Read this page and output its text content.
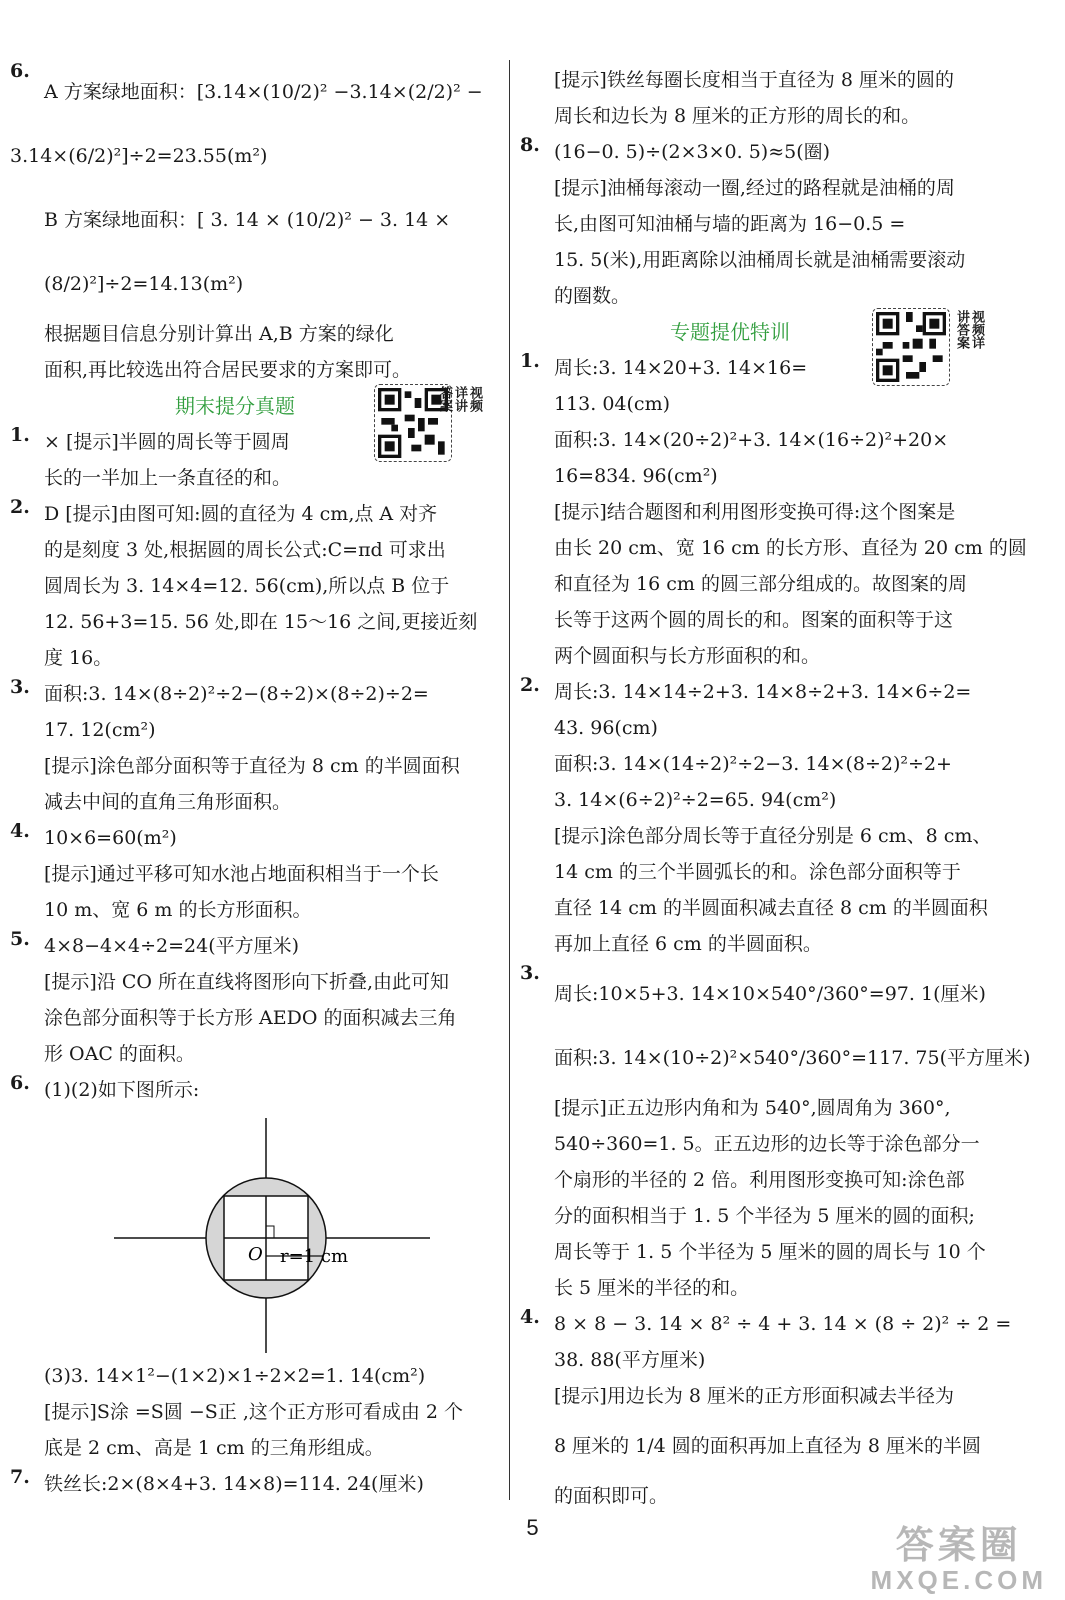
6.
A 方案绿地面积：[3.14×(10/2)² −3.14×(2/2)² −
3.14×(6/2)²]÷2=23.55(m²)
B 方案绿地面积：[ 3. 14 × (10/2)² − 3. 14 ×
(8/2)²]÷2=14.13(m²)
根据题目信息分别计算出 A,B 方案的绿化
面积,再比较选出符合居民要求的方案即可。
期末提分真题	视频详讲答案
1. × [提示]半圆的周长等于圆周
长的一半加上一条直径的和。
2. D [提示]由图可知:圆的直径为 4 cm,点 A 对齐
的是刻度 3 处,根据圆的周长公式:C=πd 可求出
圆周长为 3. 14×4=12. 56(cm),所以点 B 位于
12. 56+3=15. 56 处,即在 15～16 之间,更接近刻
度 16。
3. 面积:3. 14×(8÷2)²÷2−(8÷2)×(8÷2)÷2=
17. 12(cm²)
[提示]涂色部分面积等于直径为 8 cm 的半圆面积
减去中间的直角三角形面积。
4. 10×6=60(m²)
[提示]通过平移可知水池占地面积相当于一个长
10 m、宽 6 m 的长方形面积。
5. 4×8−4×4÷2=24(平方厘米)
[提示]沿 CO 所在直线将图形向下折叠,由此可知
涂色部分面积等于长方形 AEDO 的面积减去三角
形 OAC 的面积。
6. (1)(2)如下图所示:
O r=1 cm
(3)3. 14×1²−(1×2)×1÷2×2=1. 14(cm²)
[提示]S涂 =S圆 −S正 ,这个正方形可看成由 2 个
底是 2 cm、高是 1 cm 的三角形组成。
7. 铁丝长:2×(8×4+3. 14×8)=114. 24(厘米)
[提示]铁丝每圈长度相当于直径为 8 厘米的圆的
周长和边长为 8 厘米的正方形的周长的和。
8. (16−0. 5)÷(2×3×0. 5)≈5(圈)
[提示]油桶每滚动一圈,经过的路程就是油桶的周
长,由图可知油桶与墙的距离为 16−0.5 =
15. 5(米),用距离除以油桶周长就是油桶需要滚动
的圈数。
专题提优特训	视频详讲答案
1. 周长:3. 14×20+3. 14×16=
113. 04(cm)
面积:3. 14×(20÷2)²+3. 14×(16÷2)²+20×
16=834. 96(cm²)
[提示]结合题图和利用图形变换可得:这个图案是
由长 20 cm、宽 16 cm 的长方形、直径为 20 cm 的圆
和直径为 16 cm 的圆三部分组成的。故图案的周
长等于这两个圆的周长的和。图案的面积等于这
两个圆面积与长方形面积的和。
2. 周长:3. 14×14÷2+3. 14×8÷2+3. 14×6÷2=
43. 96(cm)
面积:3. 14×(14÷2)²÷2−3. 14×(8÷2)²÷2+
3. 14×(6÷2)²÷2=65. 94(cm²)
[提示]涂色部分周长等于直径分别是 6 cm、8 cm、
14 cm 的三个半圆弧长的和。涂色部分面积等于
直径 14 cm 的半圆面积减去直径 8 cm 的半圆面积
再加上直径 6 cm 的半圆面积。
3.
周长:10×5+3. 14×10×540°/360°=97. 1(厘米)
面积:3. 14×(10÷2)²×540°/360°=117. 75(平方厘米)
[提示]正五边形内角和为 540°,圆周角为 360°,
540÷360=1. 5。正五边形的边长等于涂色部分一
个扇形的半径的 2 倍。利用图形变换可知:涂色部
分的面积相当于 1. 5 个半径为 5 厘米的圆的面积;
周长等于 1. 5 个半径为 5 厘米的圆的周长与 10 个
长 5 厘米的半径的和。
4. 8 × 8 − 3. 14 × 8² ÷ 4 + 3. 14 × (8 ÷ 2)² ÷ 2 =
38. 88(平方厘米)
[提示]用边长为 8 厘米的正方形面积减去半径为
8 厘米的 1/4 圆的面积再加上直径为 8 厘米的半圆
的面积即可。
5	答案圈
MXQE.COM
